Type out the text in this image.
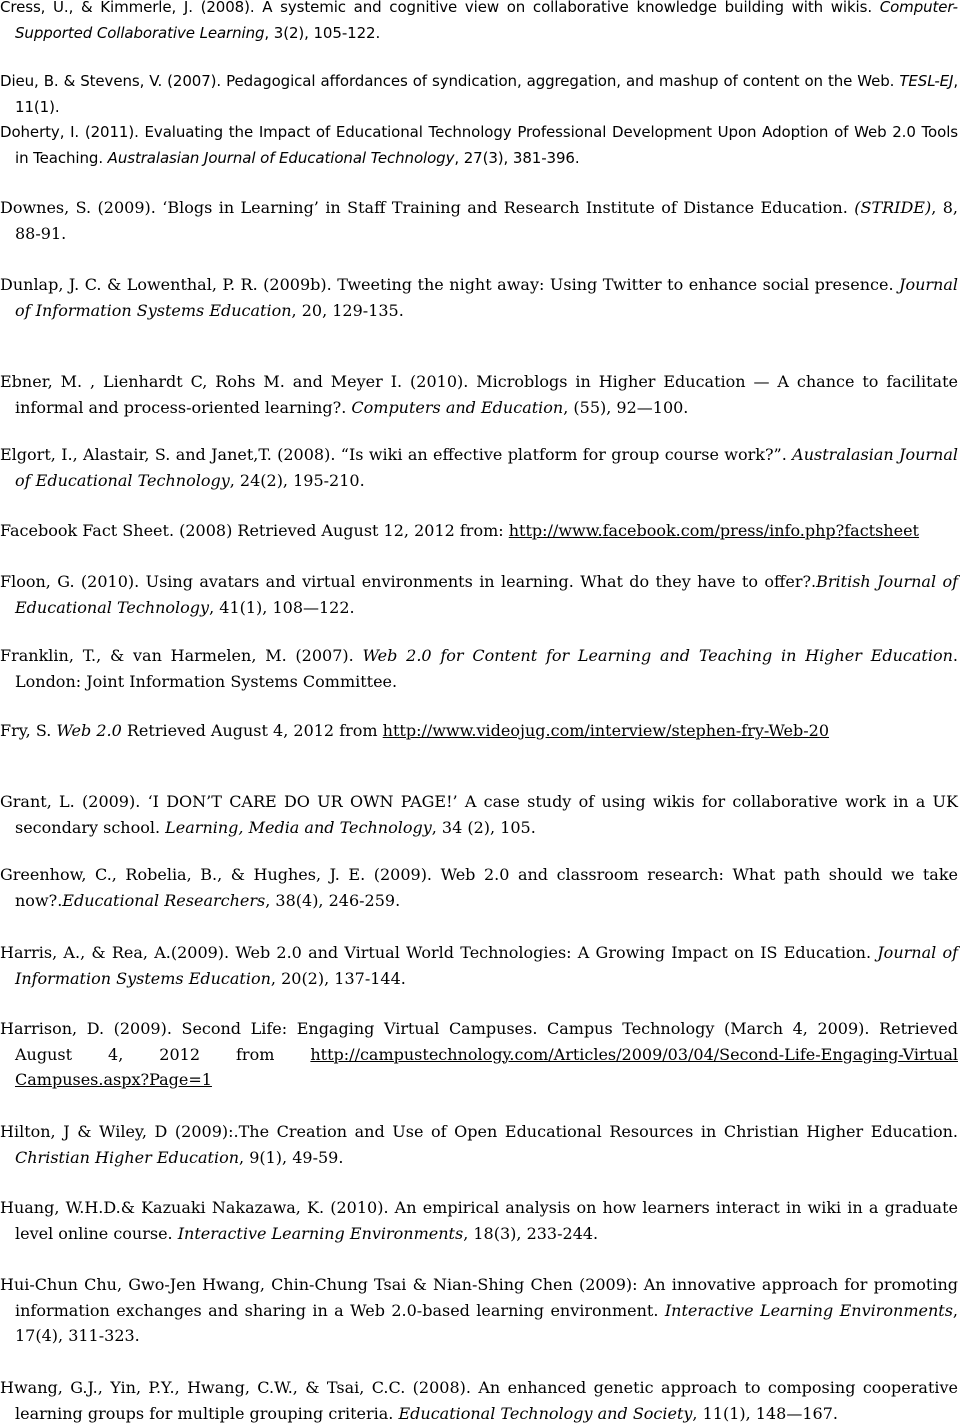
Cress, U., & Kimmerle, J. (2008). A systemic and cognitive view on collaborative knowledge building with wikis. Computer-Supported Collaborative Learning, 3(2), 105-122.

Dieu, B. & Stevens, V. (2007). Pedagogical affordances of syndication, aggregation, and mashup of content on the Web. TESL-EJ, 11(1).

Doherty, I. (2011). Evaluating the Impact of Educational Technology Professional Development Upon Adoption of Web 2.0 Tools in Teaching. Australasian Journal of Educational Technology, 27(3), 381-396.

Downes, S. (2009). ‘Blogs in Learning’ in Staff Training and Research Institute of Distance Education. (STRIDE), 8, 88-91.

Dunlap, J. C. & Lowenthal, P. R. (2009b). Tweeting the night away: Using Twitter to enhance social presence. Journal of Information Systems Education, 20, 129-135.

Ebner, M. , Lienhardt C, Rohs M. and Meyer I. (2010). Microblogs in Higher Education — A chance to facilitate informal and process-oriented learning?. Computers and Education, (55), 92—100.

Elgort, I., Alastair, S. and Janet,T. (2008). “Is wiki an effective platform for group course work?”. Australasian Journal of Educational Technology, 24(2), 195-210.

Facebook Fact Sheet. (2008) Retrieved August 12, 2012 from: http://www.facebook.com/press/info.php?factsheet

Floon, G. (2010). Using avatars and virtual environments in learning. What do they have to offer?.British Journal of Educational Technology, 41(1), 108—122.

Franklin, T., & van Harmelen, M. (2007). Web 2.0 for Content for Learning and Teaching in Higher Education. London: Joint Information Systems Committee.

Fry, S. Web 2.0 Retrieved August 4, 2012 from http://www.videojug.com/interview/stephen-fry-Web-20

Grant, L. (2009). ‘I DON’T CARE DO UR OWN PAGE!’ A case study of using wikis for collaborative work in a UK secondary school. Learning, Media and Technology, 34 (2), 105.

Greenhow, C., Robelia, B., & Hughes, J. E. (2009). Web 2.0 and classroom research: What path should we take now?.Educational Researchers, 38(4), 246-259.

Harris, A., & Rea, A.(2009). Web 2.0 and Virtual World Technologies: A Growing Impact on IS Education. Journal of Information Systems Education, 20(2), 137-144.

Harrison, D. (2009). Second Life: Engaging Virtual Campuses. Campus Technology (March 4, 2009). Retrieved August 4, 2012 from http://campustechnology.com/Articles/2009/03/04/Second-Life-Engaging-Virtual Campuses.aspx?Page=1

Hilton, J & Wiley, D (2009):.The Creation and Use of Open Educational Resources in Christian Higher Education. Christian Higher Education, 9(1), 49-59.

Huang, W.H.D.& Kazuaki Nakazawa, K. (2010). An empirical analysis on how learners interact in wiki in a graduate level online course. Interactive Learning Environments, 18(3), 233-244.

Hui-Chun Chu, Gwo-Jen Hwang, Chin-Chung Tsai & Nian-Shing Chen (2009): An innovative approach for promoting information exchanges and sharing in a Web 2.0-based learning environment. Interactive Learning Environments, 17(4), 311-323.

Hwang, G.J., Yin, P.Y., Hwang, C.W., & Tsai, C.C. (2008). An enhanced genetic approach to composing cooperative learning groups for multiple grouping criteria. Educational Technology and Society, 11(1), 148—167.
